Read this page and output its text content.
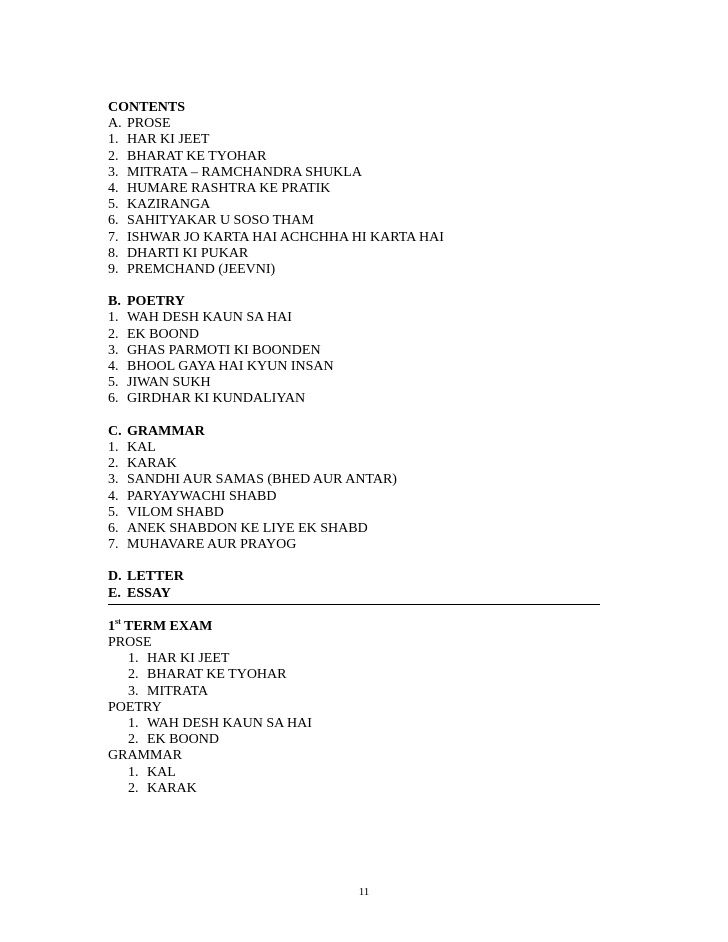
CONTENTS
A. PROSE
1. HAR KI JEET
2. BHARAT KE TYOHAR
3. MITRATA – RAMCHANDRA SHUKLA
4. HUMARE RASHTRA KE PRATIK
5. KAZIRANGA
6. SAHITYAKAR U SOSO THAM
7. ISHWAR JO KARTA HAI ACHCHHA HI KARTA HAI
8. DHARTI KI PUKAR
9. PREMCHAND (JEEVNI)
B. POETRY
1. WAH DESH KAUN SA HAI
2. EK BOOND
3. GHAS PARMOTI KI BOONDEN
4. BHOOL GAYA HAI KYUN INSAN
5. JIWAN SUKH
6. GIRDHAR KI KUNDALIYAN
C. GRAMMAR
1. KAL
2. KARAK
3. SANDHI AUR SAMAS (BHED AUR ANTAR)
4. PARYAYWACHI SHABD
5. VILOM SHABD
6. ANEK SHABDON KE LIYE EK SHABD
7. MUHAVARE AUR PRAYOG
D. LETTER
E. ESSAY
1st TERM EXAM
PROSE
1. HAR KI JEET
2. BHARAT KE TYOHAR
3. MITRATA
POETRY
1. WAH DESH KAUN SA HAI
2. EK BOOND
GRAMMAR
1. KAL
2. KARAK
11
